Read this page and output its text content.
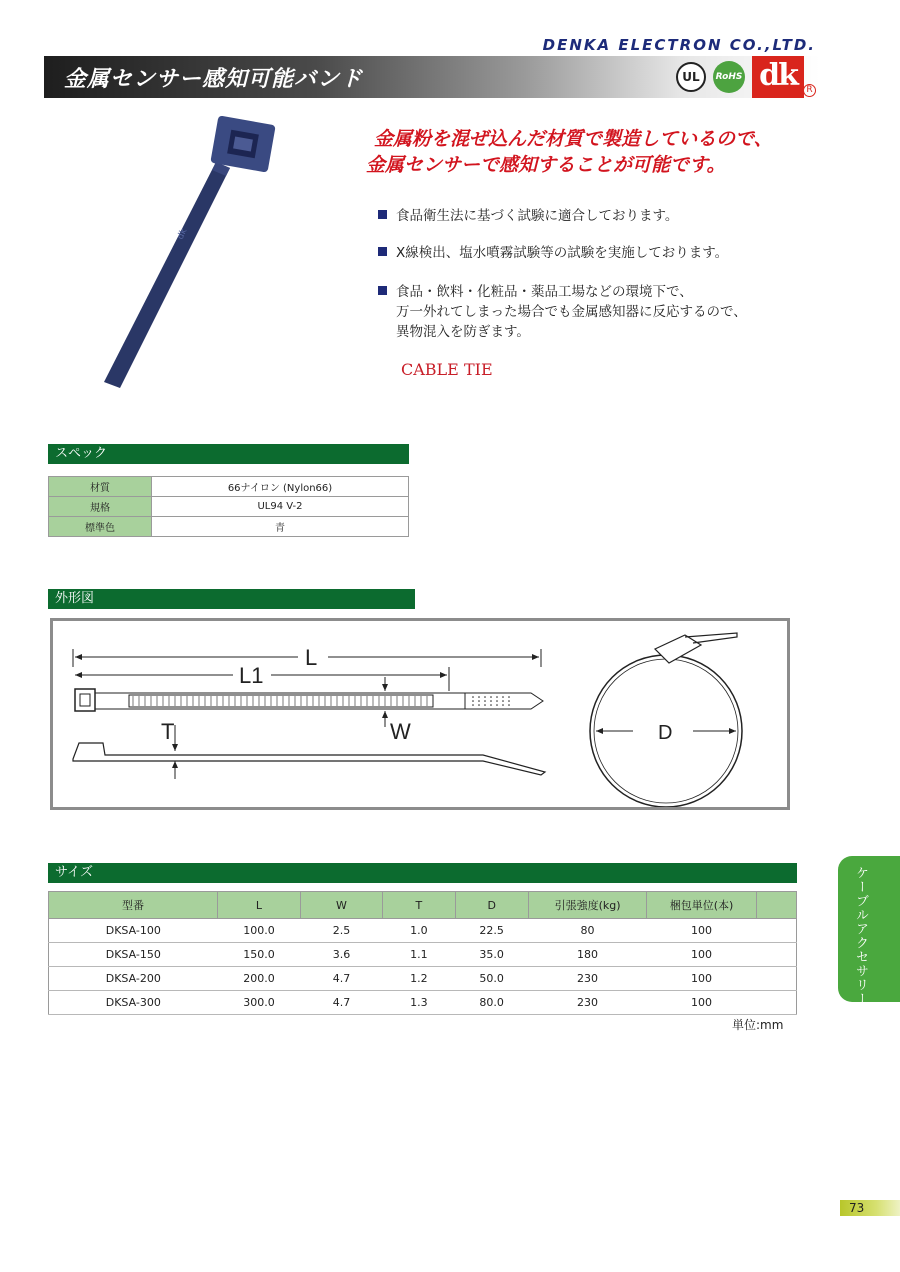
DENKA ELECTRON CO.,LTD.
金属センサー感知可能バンド	UL	RoHS dk	R
dk
金属粉を混ぜ込んだ材質で製造しているので、
金属センサーで感知することが可能です。
食品衛生法に基づく試験に適合しております。
X線検出、塩水噴霧試験等の試験を実施しております。
食品・飲料・化粧品・薬品工場などの環境下で、
万一外れてしまった場合でも金属感知器に反応するので、
異物混入を防ぎます。
CABLE TIE
スペック
材質	66ナイロン (Nylon66)
規格	UL94 V-2
標準色	青
外形図
L
L1
W
T	D
サイズ
型番	L	W	T	D	引張強度(kg)	梱包単位(本)	
DKSA-100	100.0	2.5	1.0	22.5	80	100	
DKSA-150	150.0	3.6	1.1	35.0	180	100	
DKSA-200	200.0	4.7	1.2	50.0	230	100	
DKSA-300	300.0	4.7	1.3	80.0	230	100	
単位:mm
ケーブルアクセサリー
73
